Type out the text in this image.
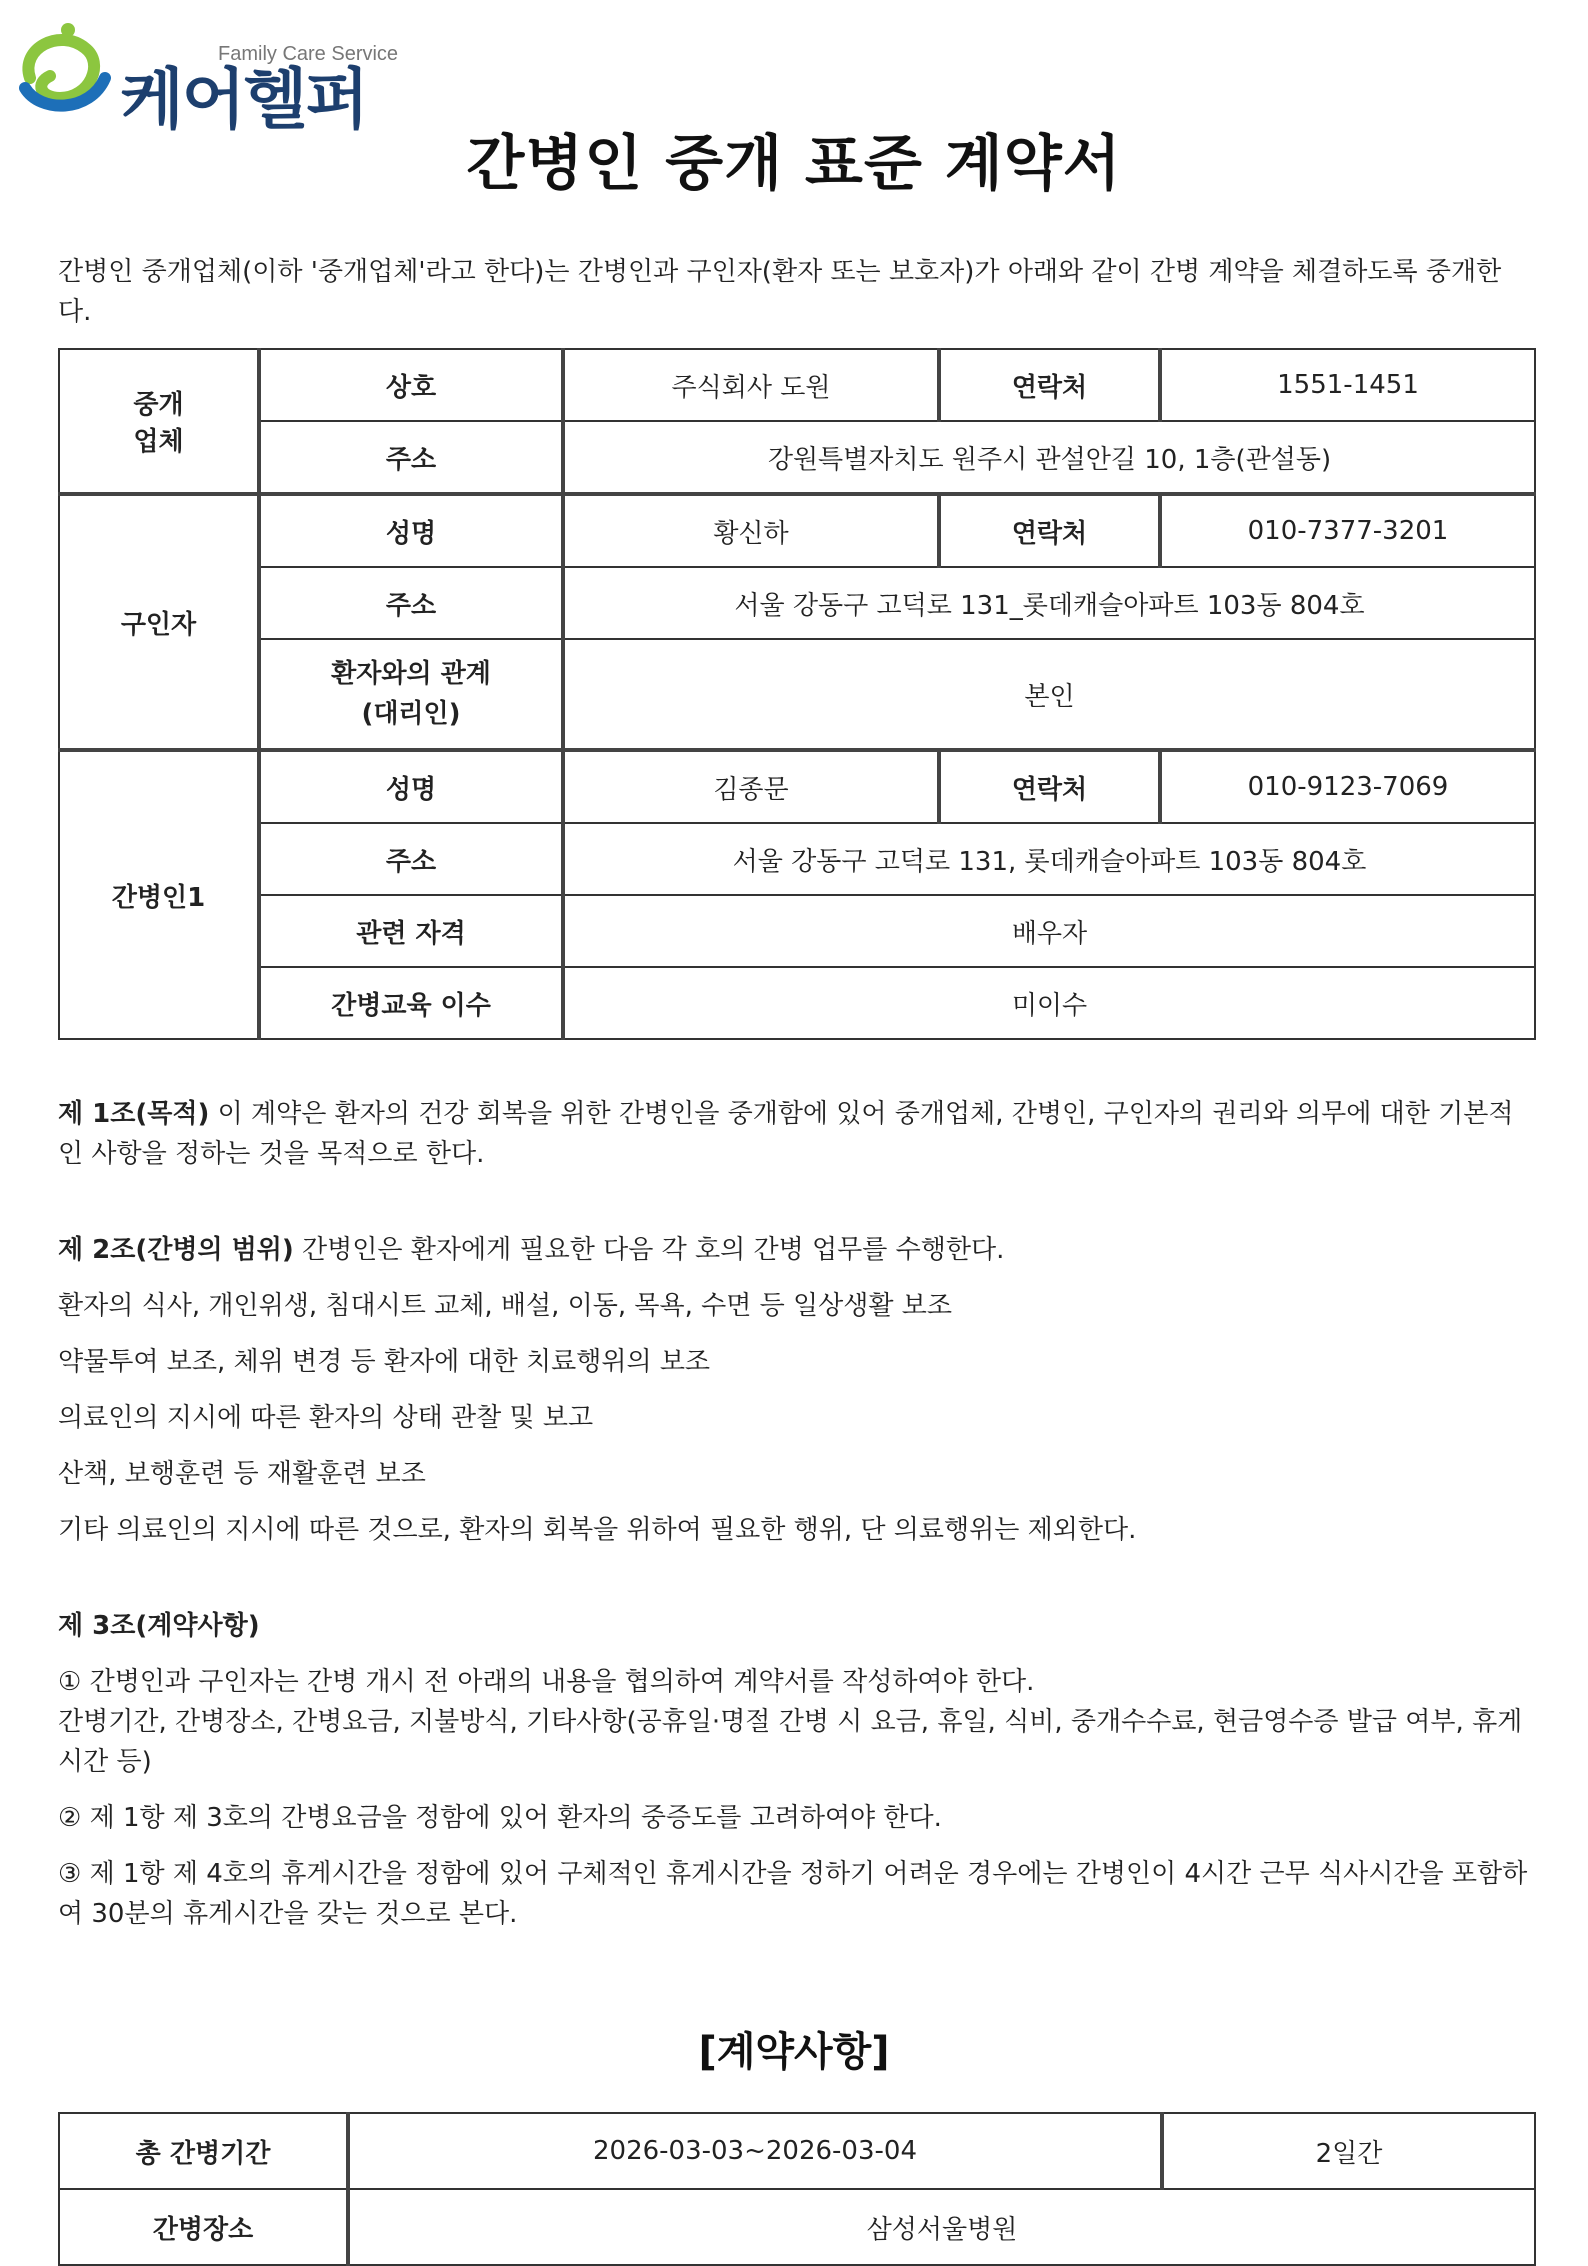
Family Care Service
케어헬퍼
간병인 중개 표준 계약서
간병인 중개업체(이하 '중개업체'라고 한다)는 간병인과 구인자(환자 또는 보호자)가 아래와 같이 간병 계약을 체결하도록 중개한다.
중개
업체	상호	주식회사 도원	연락처	1551-1451
	주소	강원특별자치도 원주시 관설안길 10, 1층(관설동)		
구인자	성명	황신하	연락처	010-7377-3201
	주소	서울 강동구 고덕로 131_롯데캐슬아파트 103동 804호		
	환자와의 관계
(대리인)	본인		
간병인1	성명	김종문	연락처	010-9123-7069
	주소	서울 강동구 고덕로 131, 롯데캐슬아파트 103동 804호		
	관련 자격	배우자		
	간병교육 이수	미이수		
제 1조(목적) 이 계약은 환자의 건강 회복을 위한 간병인을 중개함에 있어 중개업체, 간병인, 구인자의 권리와 의무에 대한 기본적인 사항을 정하는 것을 목적으로 한다.
제 2조(간병의 범위) 간병인은 환자에게 필요한 다음 각 호의 간병 업무를 수행한다.
환자의 식사, 개인위생, 침대시트 교체, 배설, 이동, 목욕, 수면 등 일상생활 보조
약물투여 보조, 체위 변경 등 환자에 대한 치료행위의 보조
의료인의 지시에 따른 환자의 상태 관찰 및 보고
산책, 보행훈련 등 재활훈련 보조
기타 의료인의 지시에 따른 것으로, 환자의 회복을 위하여 필요한 행위, 단 의료행위는 제외한다.
제 3조(계약사항)
① 간병인과 구인자는 간병 개시 전 아래의 내용을 협의하여 계약서를 작성하여야 한다.
간병기간, 간병장소, 간병요금, 지불방식, 기타사항(공휴일·명절 간병 시 요금, 휴일, 식비, 중개수수료, 현금영수증 발급 여부, 휴게시간 등)
② 제 1항 제 3호의 간병요금을 정함에 있어 환자의 중증도를 고려하여야 한다.
③ 제 1항 제 4호의 휴게시간을 정함에 있어 구체적인 휴게시간을 정하기 어려운 경우에는 간병인이 4시간 근무 식사시간을 포함하여 30분의 휴게시간을 갖는 것으로 본다.
[계약사항]
총 간병기간	2026-03-03~2026-03-04	2일간
간병장소	삼성서울병원	
